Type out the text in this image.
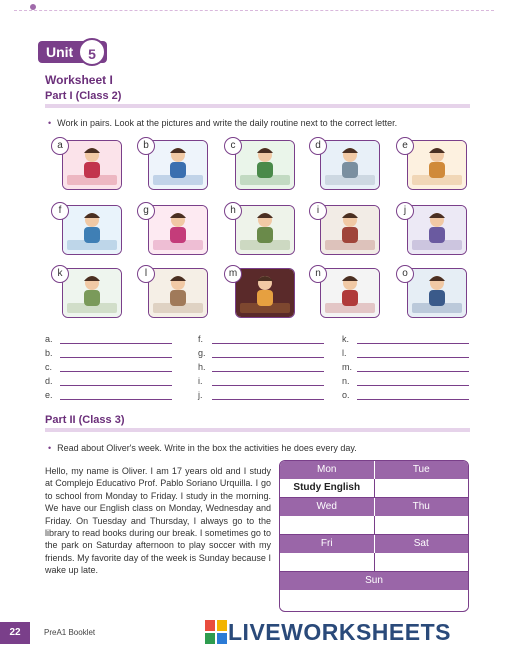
Unit	5
Worksheet I
Part I (Class 2)
• Work in pairs. Look at the pictures and write the daily routine next to the correct letter.
a	b	c	d	e
f	g	h	i	j
k	l	m	n	o
a.
b.
c.
d.
e.
f.
g.
h.
i.
j.
k.
l.
m.
n.
o.
Part II (Class 3)
• Read about Oliver's week. Write in the box the activities he does every day.
Hello, my name is Oliver. I am 17 years old and I study at Complejo Educativo Prof. Pablo Soriano Urquilla. I go to school from Monday to Friday. I study in the morning. We have our English class on Monday, Wednesday and Friday. On Tuesday and Thursday, I always go to the library to read books during our break. I sometimes go to the park on Saturday afternoon to play soccer with my friends. My favorite day of the week is Sunday because I wake up late.
Mon	Tue
Study English
Wed	Thu
Fri	Sat
Sun
22	PreA1 Booklet	LIVEWORKSHEETS
